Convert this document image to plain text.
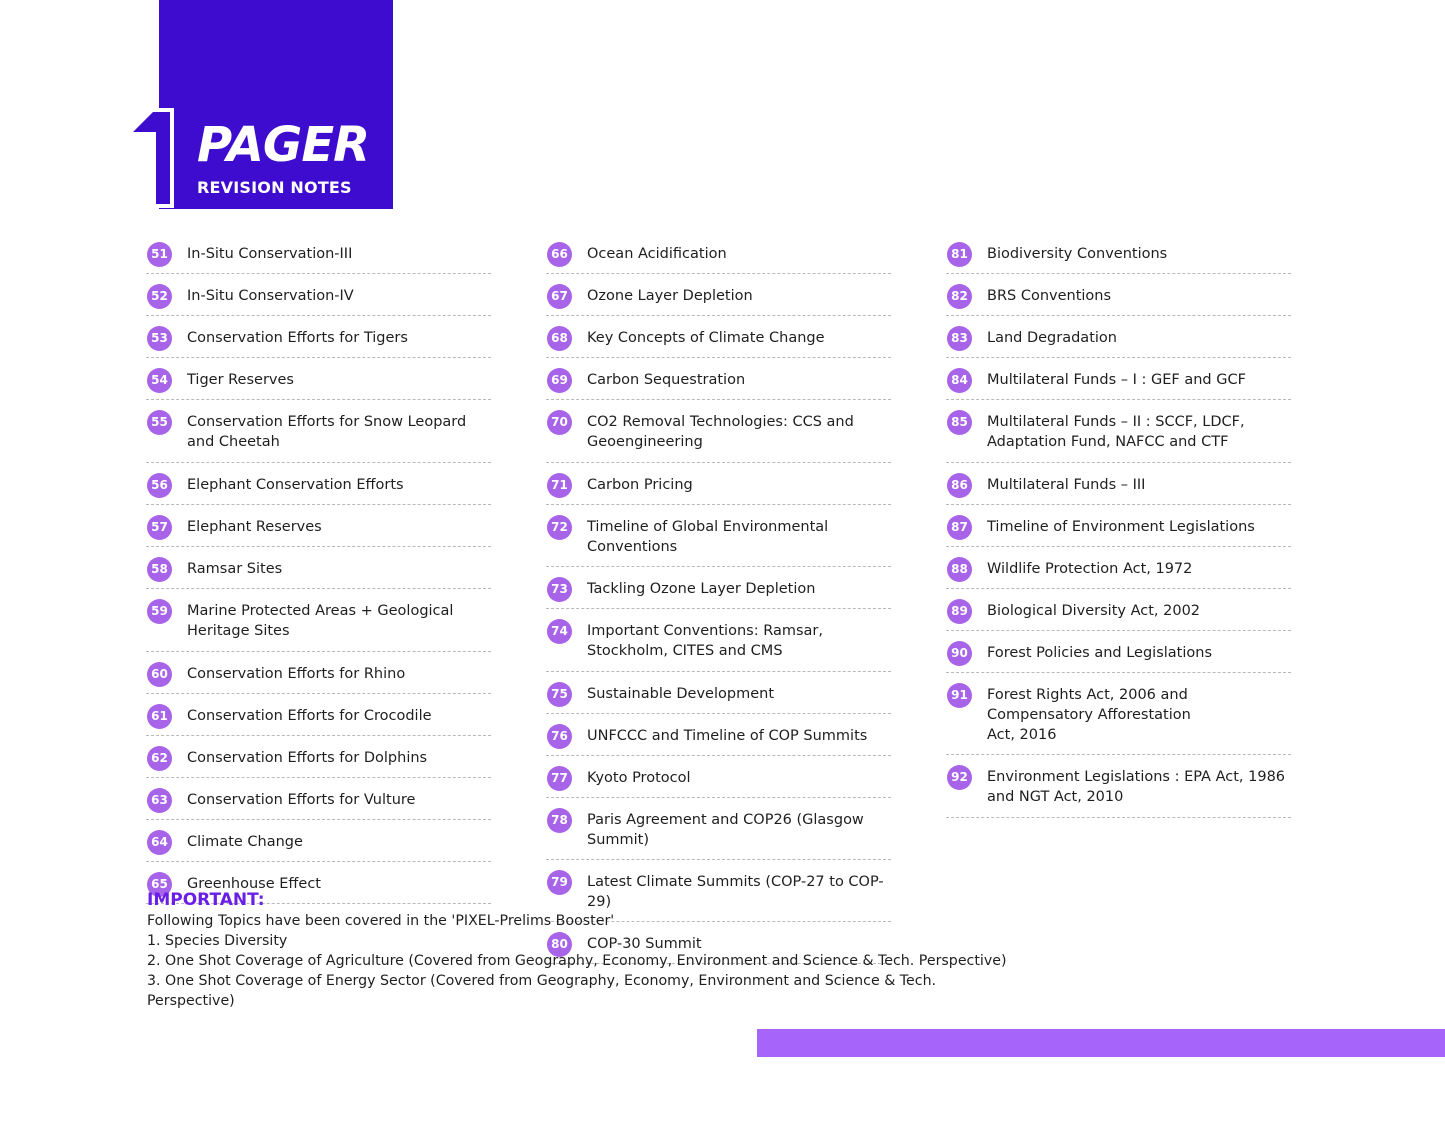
PAGER
REVISION NOTES
51 In-Situ Conservation-III
52 In-Situ Conservation-IV
53 Conservation Efforts for Tigers
54 Tiger Reserves
55 Conservation Efforts for Snow Leopard
and Cheetah
56 Elephant Conservation Efforts
57 Elephant Reserves
58 Ramsar Sites
59 Marine Protected Areas + Geological
Heritage Sites
60 Conservation Efforts for Rhino
61 Conservation Efforts for Crocodile
62 Conservation Efforts for Dolphins
63 Conservation Efforts for Vulture
64 Climate Change
65 Greenhouse Effect
66 Ocean Acidification
67 Ozone Layer Depletion
68 Key Concepts of Climate Change
69 Carbon Sequestration
70 CO2 Removal Technologies: CCS and
Geoengineering
71 Carbon Pricing
72 Timeline of Global Environmental Conventions
73 Tackling Ozone Layer Depletion
74 Important Conventions: Ramsar,
Stockholm, CITES and CMS
75 Sustainable Development
76 UNFCCC and Timeline of COP Summits
77 Kyoto Protocol
78 Paris Agreement and COP26 (Glasgow Summit)
79 Latest Climate Summits (COP-27 to COP-29)
80 COP-30 Summit
81 Biodiversity Conventions
82 BRS Conventions
83 Land Degradation
84 Multilateral Funds – I : GEF and GCF
85 Multilateral Funds – II : SCCF, LDCF,
Adaptation Fund, NAFCC and CTF
86 Multilateral Funds – III
87 Timeline of Environment Legislations
88 Wildlife Protection Act, 1972
89 Biological Diversity Act, 2002
90 Forest Policies and Legislations
91 Forest Rights Act, 2006 and
Compensatory Afforestation
Act, 2016
92 Environment Legislations : EPA Act, 1986
and NGT Act, 2010
IMPORTANT:
Following Topics have been covered in the 'PIXEL-Prelims Booster'
1. Species Diversity
2. One Shot Coverage of Agriculture (Covered from Geography, Economy, Environment and Science & Tech. Perspective)
3. One Shot Coverage of Energy Sector (Covered from Geography, Economy, Environment and Science & Tech. Perspective)
